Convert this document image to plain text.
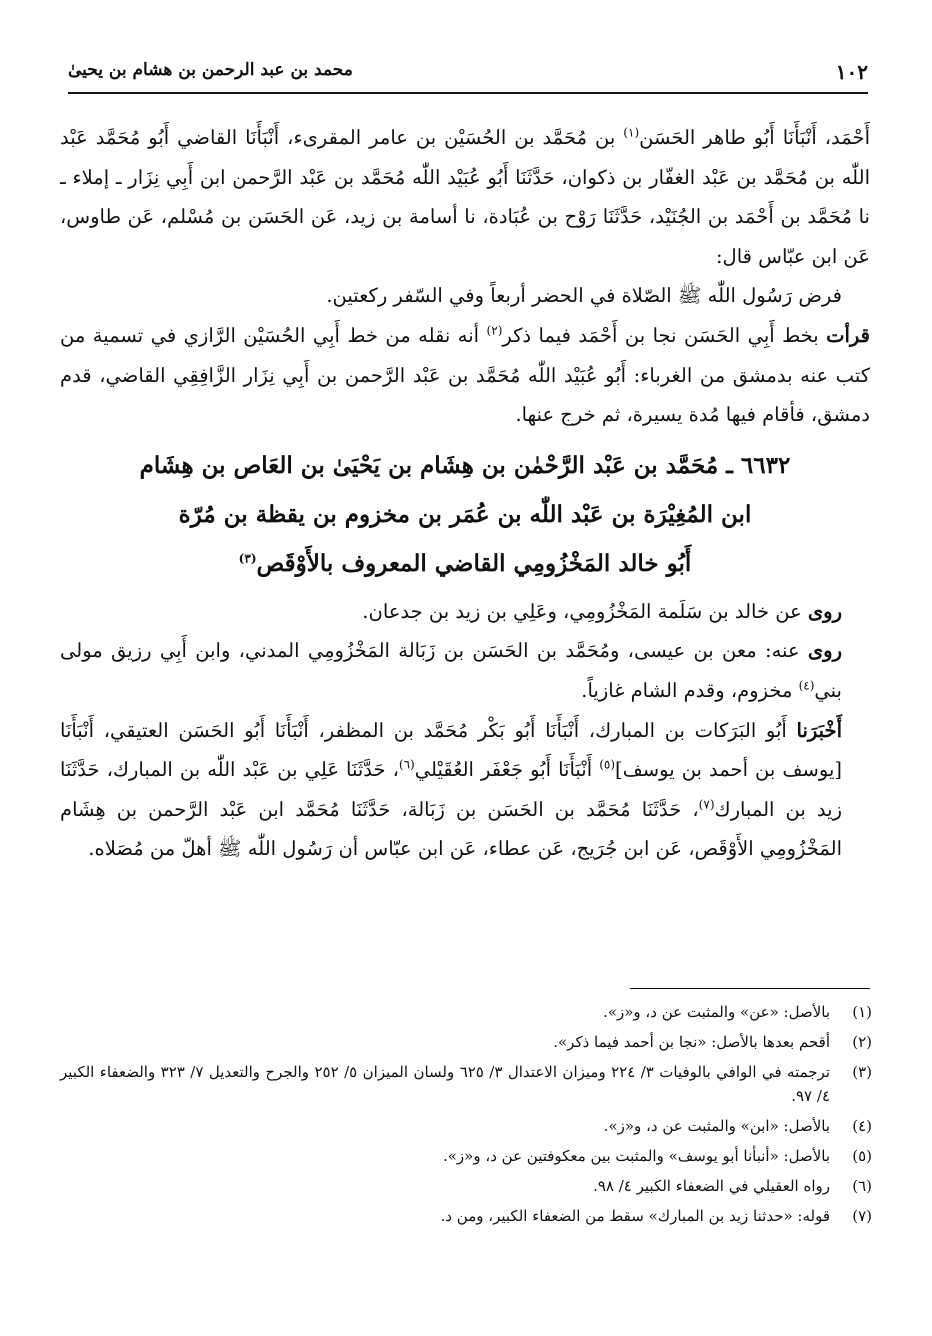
١٠٢
محمد بن عبد الرحمن بن هشام بن يحيىٰ

أَحْمَد، أَنْبَأَنَا أَبُو طاهر الحَسَن$^{(١)}$ بن مُحَمَّد بن الحُسَيْن بن عامر المقرىء، أَنْبَأَنَا القاضي أَبُو مُحَمَّد عَبْد اللّٰه بن مُحَمَّد بن عَبْد الغفّار بن ذكوان، حَدَّثَنَا أَبُو عُبَيْد اللّٰه مُحَمَّد بن عَبْد الرَّحمن ابن أَبِي نِزَار ـ إملاء ـ نا مُحَمَّد بن أَحْمَد بن الجُنَيْد، حَدَّثَنَا رَوْح بن عُبَادة، نا أسامة بن زيد، عَن الحَسَن بن مُسْلم، عَن طاوس، عَن ابن عبّاس قال:

فرض رَسُول اللّٰه ﷺ الصّلاة في الحضر أربعاً وفي السّفر ركعتين.

قرأت بخط أَبِي الحَسَن نجا بن أَحْمَد فيما ذكر$^{(٢)}$ أنه نقله من خط أَبِي الحُسَيْن الرَّازي في تسمية من كتب عنه بدمشق من الغرباء: أَبُو عُبَيْد اللّٰه مُحَمَّد بن عَبْد الرَّحمن بن أَبِي نِزَار الزَّافِقِي القاضي، قدم دمشق، فأقام فيها مُدة يسيرة، ثم خرج عنها.

٦٦٣٢ ـ مُحَمَّد بن عَبْد الرَّحْمٰن بن هِشَام بن يَحْيَىٰ بن العَاص بن هِشَام
ابن المُغِيْرَة بن عَبْد اللّٰه بن عُمَر بن مخزوم بن يقظة بن مُرّة
أَبُو خالد المَخْزُومِي القاضي المعروف بالأَوْقَص$^{(٣)}$

روى عن خالد بن سَلَمة المَخْزُومِي، وعَلِي بن زيد بن جدعان.

روى عنه: معن بن عيسى، ومُحَمَّد بن الحَسَن بن زَبَالة المَخْزُومِي المدني، وابن أَبِي رزيق مولى بني$^{(٤)}$ مخزوم، وقدم الشام غازياً.

أَخْبَرَنا أَبُو البَرَكات بن المبارك، أَنْبَأَنَا أَبُو بَكْر مُحَمَّد بن المظفر، أَنْبَأَنَا أَبُو الحَسَن العتيقي، أَنْبَأَنَا [يوسف بن أحمد بن يوسف]$^{(٥)}$ أَنْبَأَنَا أَبُو جَعْفَر العُقَيْلي$^{(٦)}$، حَدَّثَنَا عَلِي بن عَبْد اللّٰه بن المبارك، حَدَّثَنَا زيد بن المبارك$^{(٧)}$، حَدَّثَنَا مُحَمَّد بن الحَسَن بن زَبَالة، حَدَّثَنَا مُحَمَّد ابن عَبْد الرَّحمن بن هِشَام المَخْزُومِي الأَوْقَص، عَن ابن جُرَيج، عَن عطاء، عَن ابن عبّاس أن رَسُول اللّٰه ﷺ أهلّ من مُصَلاه.

(١)
بالأصل: «عن» والمثبت عن د، و«ز».

(٢)
أقحم بعدها بالأصل: «نجا بن أحمد فيما ذكر».

(٣)
ترجمته في الوافي بالوفيات ٣/ ٢٢٤ وميزان الاعتدال ٣/ ٦٢٥ ولسان الميزان ٥/ ٢٥٢ والجرح والتعديل ٧/ ٣٢٣ والضعفاء الكبير ٤/ ٩٧.

(٤)
بالأصل: «ابن» والمثبت عن د، و«ز».

(٥)
بالأصل: «أنبأنا أبو يوسف» والمثبت بين معكوفتين عن د، و«ز».

(٦)
رواه العقيلي في الضعفاء الكبير ٤/ ٩٨.

(٧)
قوله: «حدثنا زيد بن المبارك» سقط من الضعفاء الكبير، ومن د.
